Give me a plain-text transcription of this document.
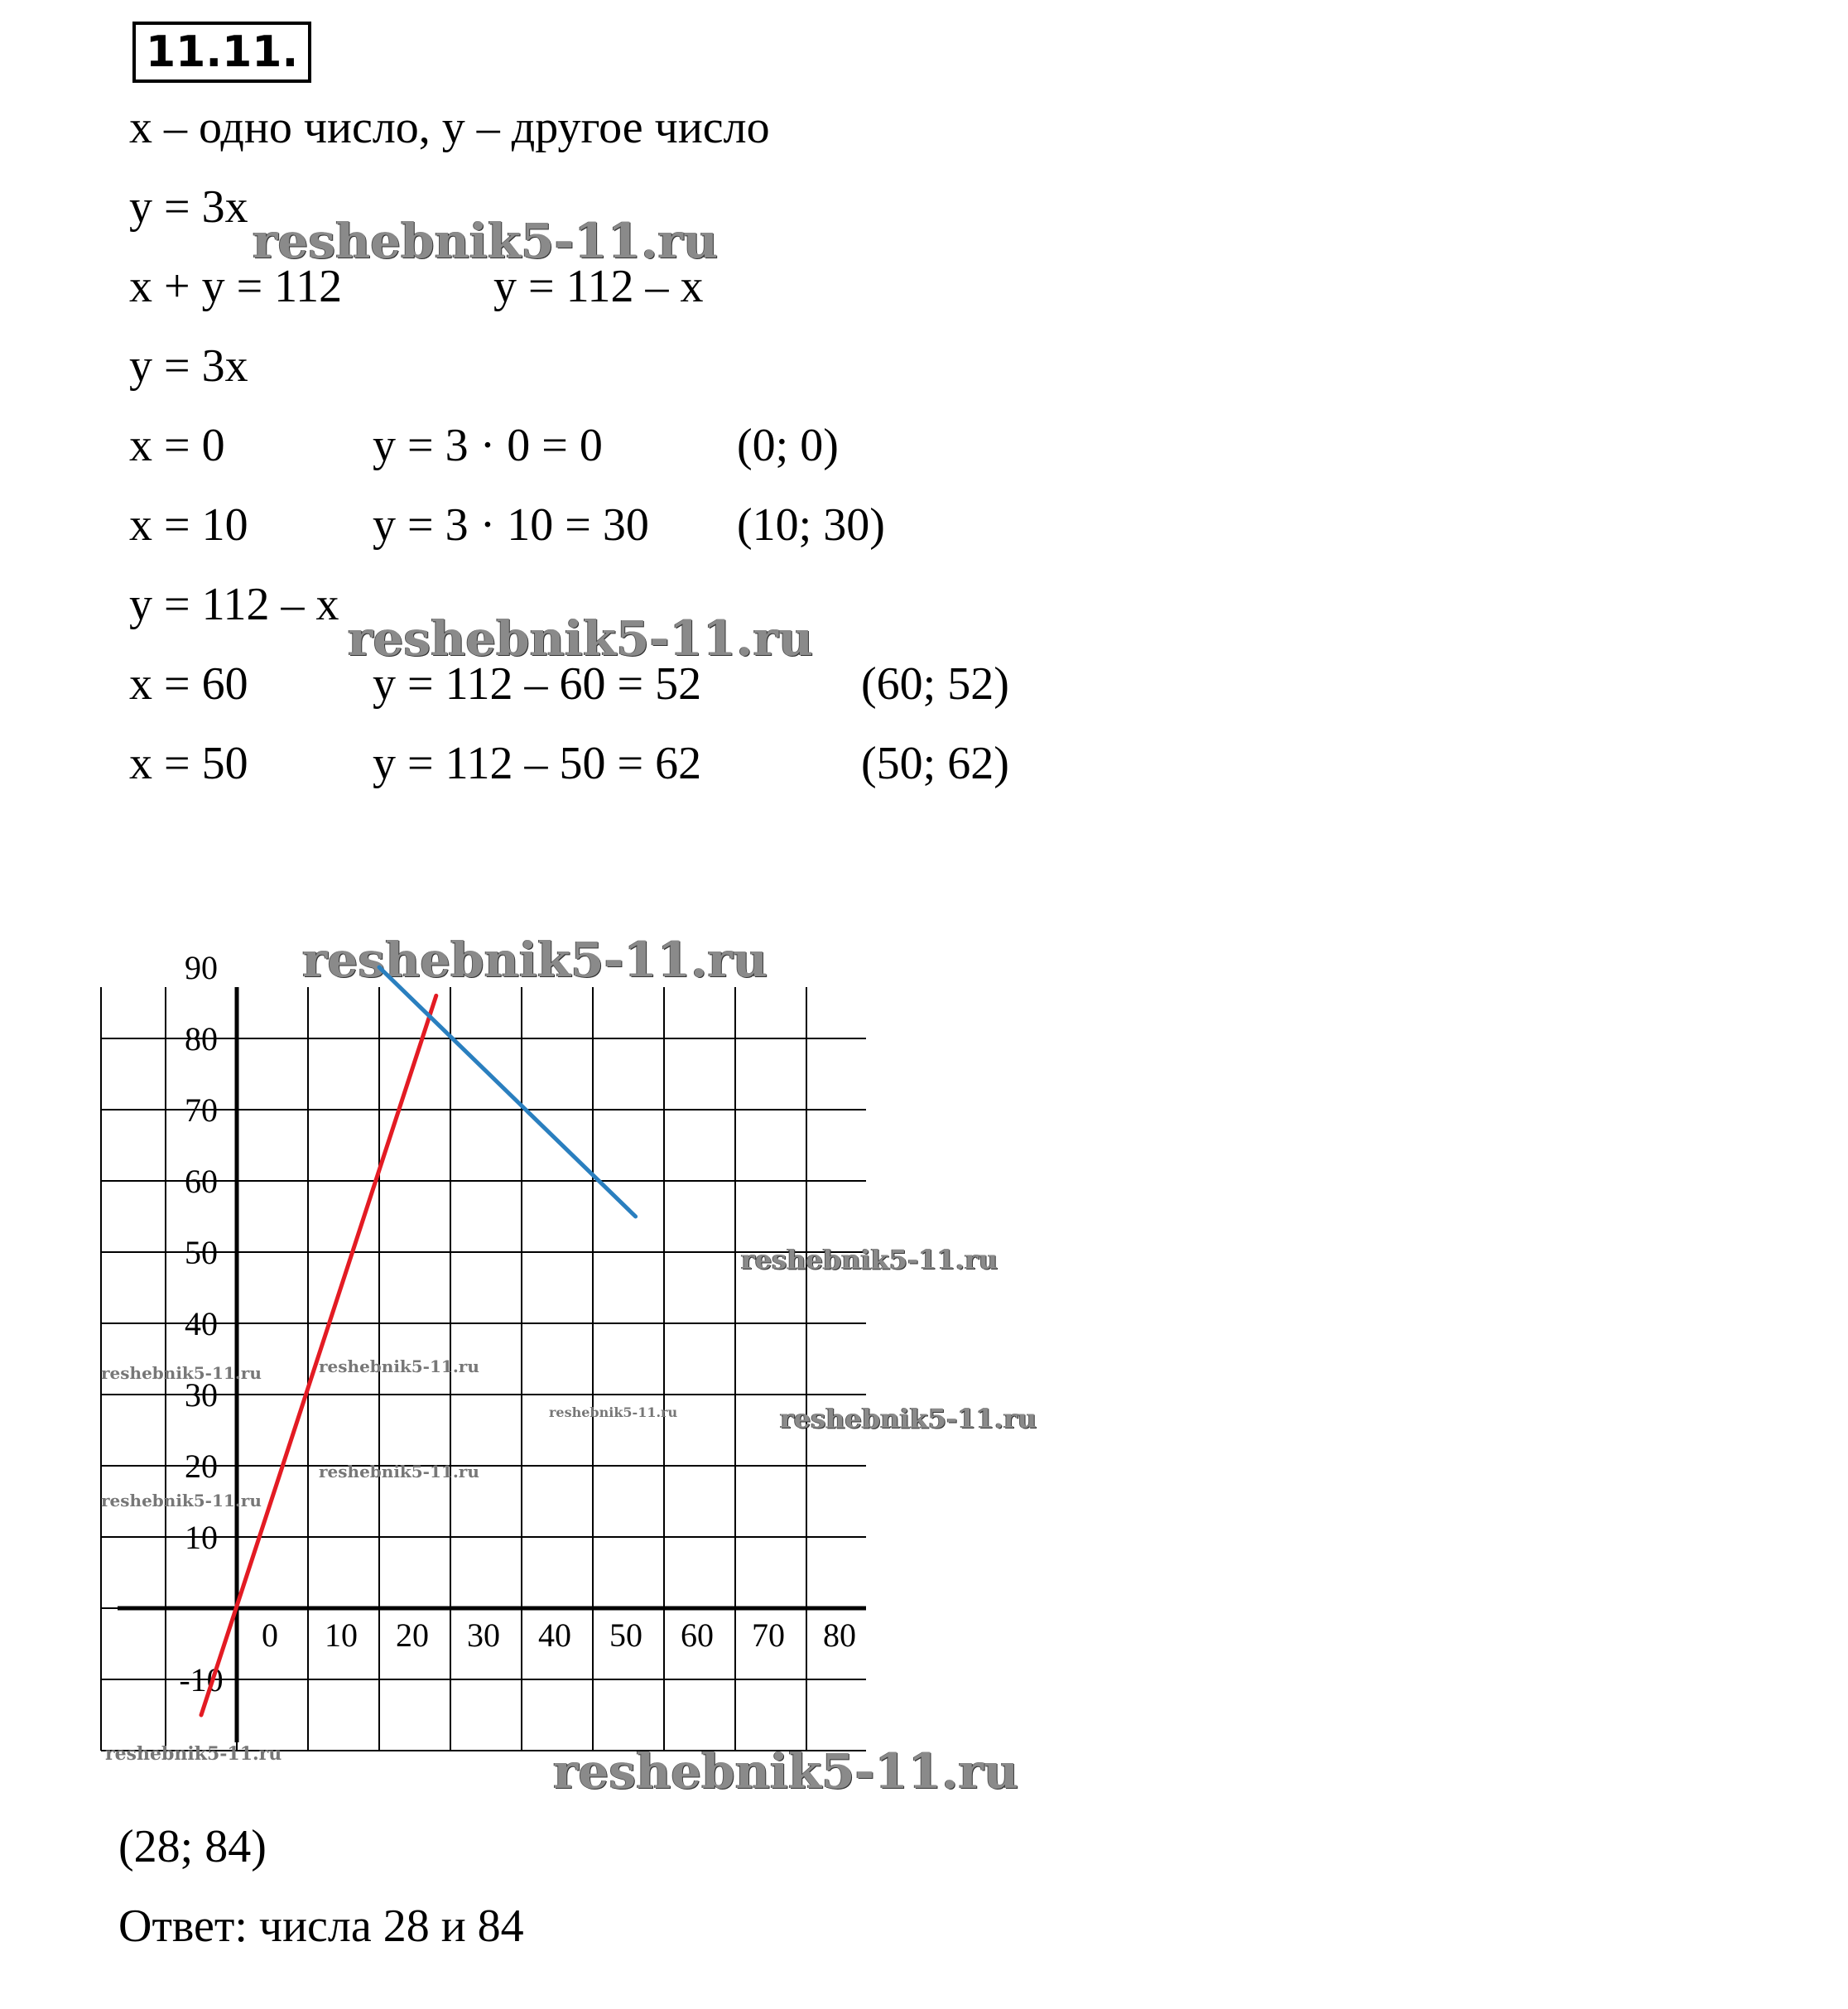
11.11.
x – одно число, у – другое число
у = 3х
х + у = 112	у = 112 – х
у = 3х
х = 0	у = 3 · 0 = 0	(0; 0)
х = 10	у = 3 · 10 = 30 (10; 30)
у = 112 – х
х = 60	у = 112 – 60 = 52	(60; 52)
х = 50	у = 112 – 50 = 62	(50; 62)
reshebnik5-11.ru
reshebnik5-11.ru
reshebnik5-11.ru
0 10 20 30 40 50 60 70 80
90
80
70
60
50
40
30
20
10
-10
reshebnik5-11.ru
reshebnik5-11.ru
reshebnik5-11.ru
reshebnik5-11.ru	reshebnik5-11.ru
reshebnik5-11.ru
reshebnik5-11.ru
reshebnik5-11.ru
reshebnik5-11.ru
(28; 84)
Ответ: числа 28 и 84
